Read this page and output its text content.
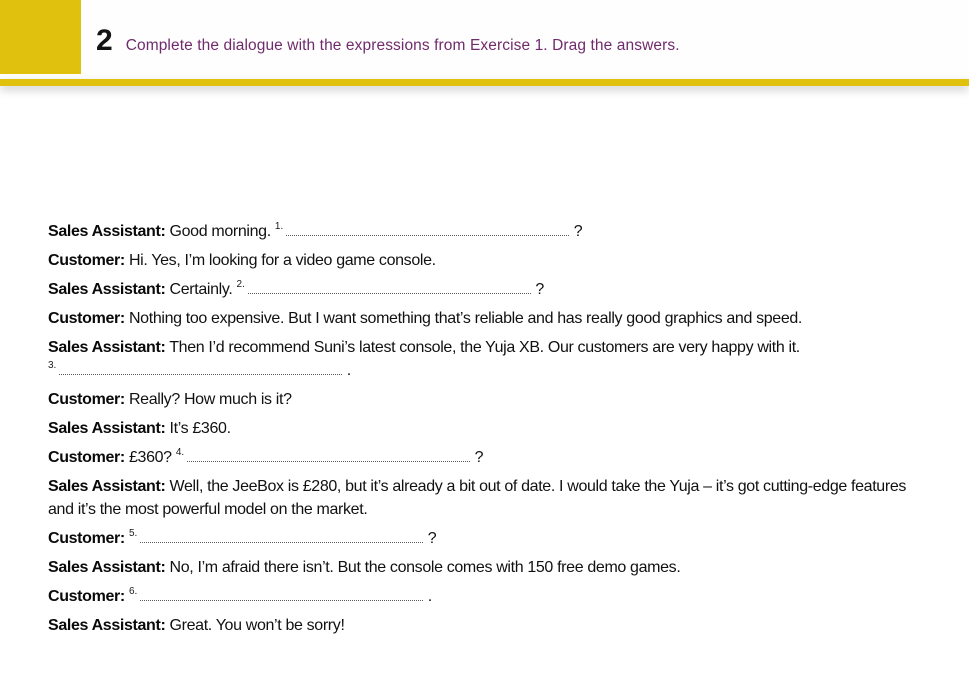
2 Complete the dialogue with the expressions from Exercise 1. Drag the answers.

Sales Assistant: Good morning. $^{1.}$	?

Customer: Hi. Yes, I’m looking for a video game console.

Sales Assistant: Certainly. $^{2.}$	?

Customer: Nothing too expensive. But I want something that’s reliable and has really good graphics and speed.

Sales Assistant: Then I’d recommend Suni’s latest console, the Yuja XB. Our customers are very happy with it. $^{3.}$	.

Customer: Really? How much is it?

Sales Assistant: It’s £360.

Customer: £360? $^{4.}$	?

Sales Assistant: Well, the JeeBox is £280, but it’s already a bit out of date. I would take the Yuja – it’s got cutting-edge features and it’s the most powerful model on the market.

Customer: $^{5.}$	?

Sales Assistant: No, I’m afraid there isn’t. But the console comes with 150 free demo games.

Customer: $^{6.}$	.

Sales Assistant: Great. You won’t be sorry!
